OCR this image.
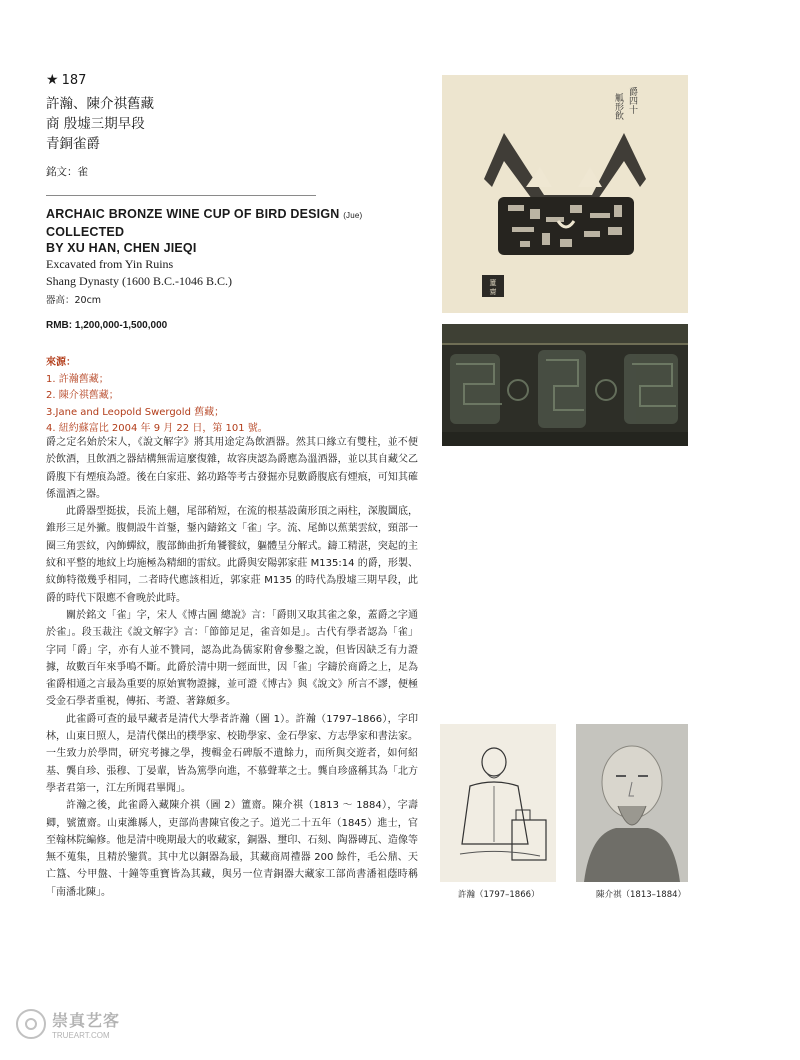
★ 187
許瀚、陳介祺舊藏
商 殷墟三期早段
青銅雀爵
銘文：雀
ARCHAIC BRONZE WINE CUP OF BIRD DESIGN (Jue) COLLECTED
BY XU HAN, CHEN JIEQI
Excavated from Yin Ruins
Shang Dynasty (1600 B.C.-1046 B.C.)
器高：20cm
RMB: 1,200,000-1,500,000
來源：
1. 許瀚舊藏；
2. 陳介祺舊藏；
3.Jane and Leopold Swergold 舊藏；
4. 紐約蘇富比 2004 年 9 月 22 日，第 101 號。

爵之定名始於宋人，《說文解字》將其用途定為飲酒器。然其口緣立有雙柱，並不便於飲酒，且飲酒之器結構無需這麼復雜，故容庚認為爵應為溫酒器，並以其自藏父乙爵腹下有煙痕為證。後在白家莊、銘功路等考古發掘亦見數爵腹底有煙痕，可知其確係溫酒之器。

此爵器型挺拔，長流上翹，尾部稍短，在流的根基設菌形頂之兩柱，深腹圜底，錐形三足外撇。腹側設牛首鋬，鋬內鑄銘文「雀」字。流、尾飾以蕉葉雲紋，頸部一圈三角雲紋，內飾蟬紋，腹部飾曲折角饕餮紋，軀體呈分解式。鑄工精湛，突起的主紋和平整的地紋上均施極為精細的雷紋。此爵與安陽郭家莊 M135:14 的爵，形製、紋飾特徵幾乎相同，二者時代應該相近，郭家莊 M135 的時代為殷墟三期早段，此爵的時代下限應不會晚於此時。

關於銘文「雀」字，宋人《博古圖 總說》言：「爵則又取其雀之象，蓋爵之字通於雀」。段玉裁注《說文解字》言：「節節足足，雀音如是」。古代有學者認為「雀」字同「爵」字，亦有人並不贊同，認為此為儒家附會參鑿之說，但皆因缺乏有力證據，故數百年來爭鳴不斷。此爵於清中期一經面世，因「雀」字鑄於商爵之上，足為雀爵相通之言最為重要的原始實物證據，並可證《博古》與《說文》所言不謬，便極受金石學者重視，傳拓、考證、著錄頗多。

此雀爵可查的最早藏者是清代大學者許瀚（圖 1）。許瀚（1797–1866），字印林，山東日照人，是清代傑出的樸學家、校勘學家、金石學家、方志學家和書法家。一生致力於學問，研究考據之學，搜輯金石碑版不遺餘力，而所與交遊者，如何紹基、龔自珍、張穆、丁晏輩，皆為篤學向進，不慕聲華之士。龔自珍盛稱其為「北方學者君第一，江左所聞君畢聞」。

許瀚之後，此雀爵入藏陳介祺（圖 2）簠齋。陳介祺（1813 ～ 1884），字壽卿，號簠齋。山東濰縣人，吏部尚書陳官俊之子。道光二十五年（1845）進士，官至翰林院編修。他是清中晚期最大的收藏家，銅器、璽印、石刻、陶器磚瓦、造像等無不蒐集，且精於鑒賞。其中尤以銅器為最，其藏商周禮器 200 餘件，毛公鼎、天亡簋、兮甲盤、十鐘等重寶皆為其藏，與另一位青銅器大藏家工部尚書潘祖蔭時稱「南潘北陳」。

簠
齋
爵四十
觚形飲
許瀚（1797–1866）	陳介祺（1813–1884）
崇真艺客
TRUEART.COM
